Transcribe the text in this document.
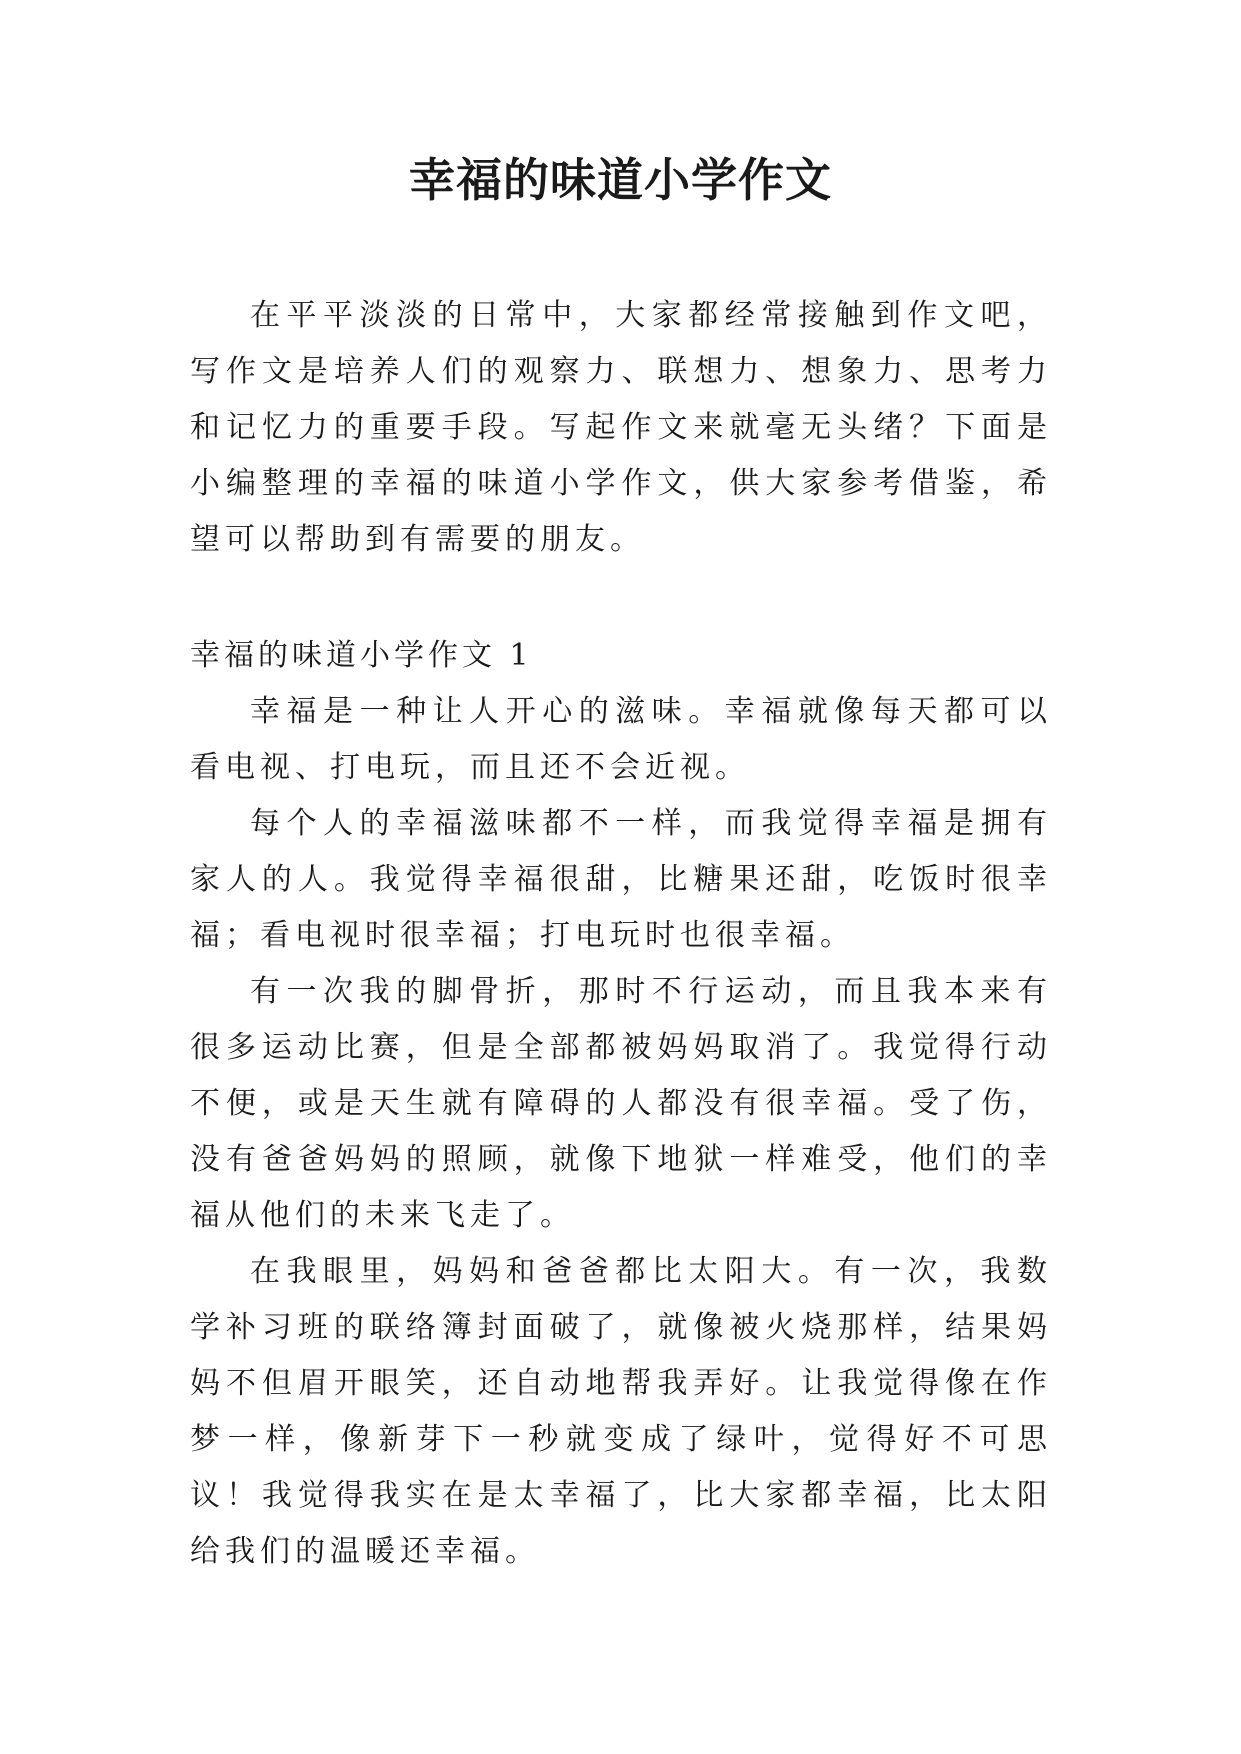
幸福的味道小学作文

在平平淡淡的日常中，大家都经常接触到作文吧，写作文是培养人们的观察力、联想力、想象力、思考力和记忆力的重要手段。写起作文来就毫无头绪？下面是小编整理的幸福的味道小学作文，供大家参考借鉴，希望可以帮助到有需要的朋友。

幸福的味道小学作文 1

幸福是一种让人开心的滋味。幸福就像每天都可以看电视、打电玩，而且还不会近视。

每个人的幸福滋味都不一样，而我觉得幸福是拥有家人的人。我觉得幸福很甜，比糖果还甜，吃饭时很幸福；看电视时很幸福；打电玩时也很幸福。

有一次我的脚骨折，那时不行运动，而且我本来有很多运动比赛，但是全部都被妈妈取消了。我觉得行动不便，或是天生就有障碍的人都没有很幸福。受了伤，没有爸爸妈妈的照顾，就像下地狱一样难受，他们的幸福从他们的未来飞走了。

在我眼里，妈妈和爸爸都比太阳大。有一次，我数学补习班的联络簿封面破了，就像被火烧那样，结果妈妈不但眉开眼笑，还自动地帮我弄好。让我觉得像在作梦一样，像新芽下一秒就变成了绿叶，觉得好不可思议！我觉得我实在是太幸福了，比大家都幸福，比太阳给我们的温暖还幸福。
